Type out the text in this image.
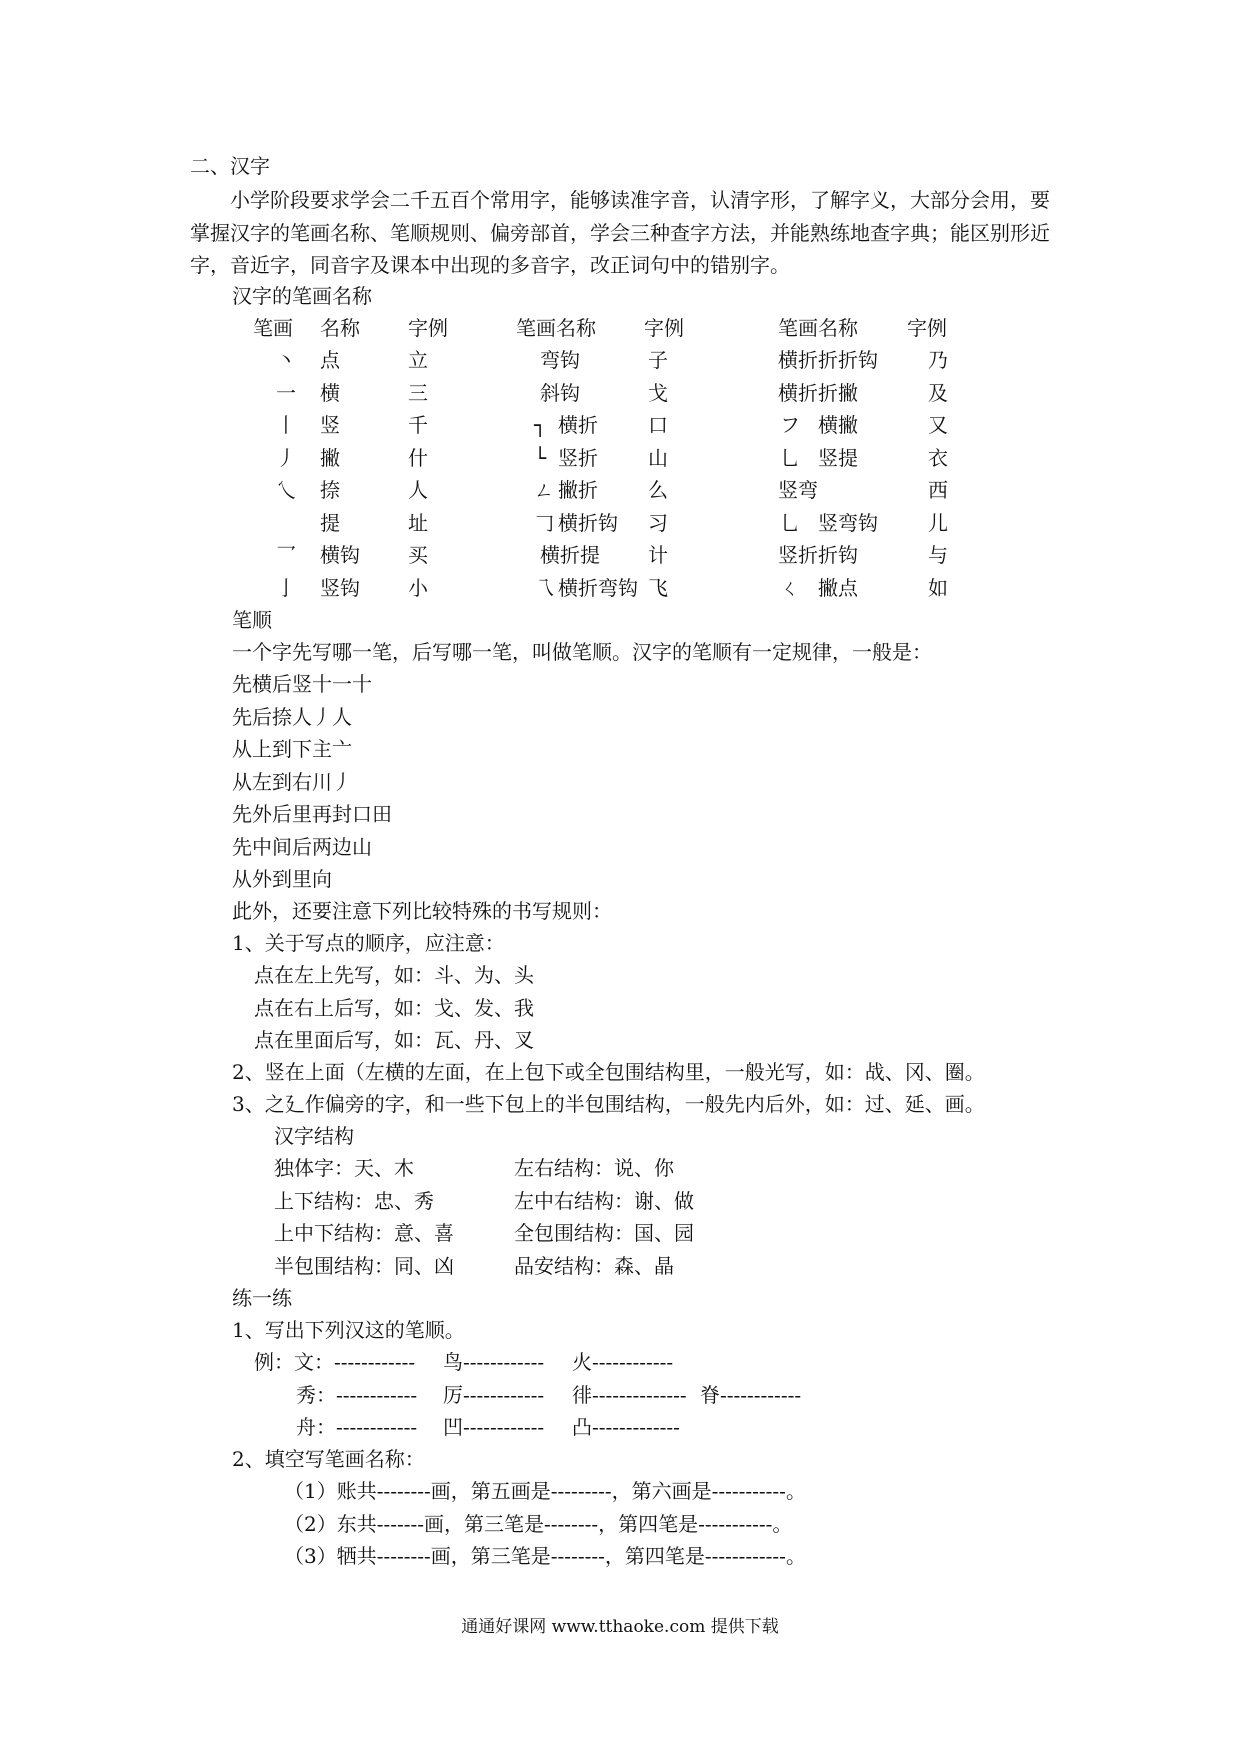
二、汉字
小学阶段要求学会二千五百个常用字，能够读准字音，认清字形，了解字义，大部分会用，要掌握汉字的笔画名称、笔顺规则、偏旁部首，学会三种查字方法，并能熟练地查字典；能区别形近字，音近字，同音字及课本中出现的多音字，改正词句中的错别字。
汉字的笔画名称
笔画 名称 字例	笔画名称 字例	笔画名称 字例
丶 点	立	弯钩	子	横折折折钩	乃
一 横	三	斜钩	戈	横折折撇	及
丨 竖	千	┐ 横折	口	フ 横撇	又
丿 撇	什	└ 竖折	山	乚 竖提	衣
乀 捺	人	ㄥ 撇折	么	竖弯	西
提	址	𠃌 横折钩 习	乚 竖弯钩	儿
乛 横钩 买	横折提 计	竖折折钩	与
亅 竖钩 小	乁 横折弯钩 飞	ㄑ 撇点	如
笔顺
一个字先写哪一笔，后写哪一笔，叫做笔顺。汉字的笔顺有一定规律，一般是：
先横后竖十一十
先后捺人丿人
从上到下主亠
从左到右川丿
先外后里再封口田
先中间后两边山
从外到里向
此外，还要注意下列比较特殊的书写规则：
1、关于写点的顺序，应注意：
点在左上先写，如：斗、为、头
点在右上后写，如：戈、发、我
点在里面后写，如：瓦、丹、叉
2、竖在上面（左横的左面，在上包下或全包围结构里，一般光写，如：战、冈、圈。
3、之廴作偏旁的字，和一些下包上的半包围结构，一般先内后外，如：过、延、画。
汉字结构
独体字：天、木	左右结构：说、你
上下结构：忠、秀	左中右结构：谢、做
上中下结构：意、喜	全包围结构：国、园
半包围结构：同、凶	品安结构：森、晶
练一练
1、写出下列汉这的笔顺。
例：文：------------ 鸟------------ 火------------
秀：------------ 厉------------ 徘-------------- 脊------------
舟：------------ 凹------------ 凸-------------
2、填空写笔画名称：
（1）账共--------画，第五画是---------，第六画是-----------。
（2）东共-------画，第三笔是--------，第四笔是-----------。
（3）牺共--------画，第三笔是--------，第四笔是------------。
通通好课网 www.tthaoke.com 提供下载
